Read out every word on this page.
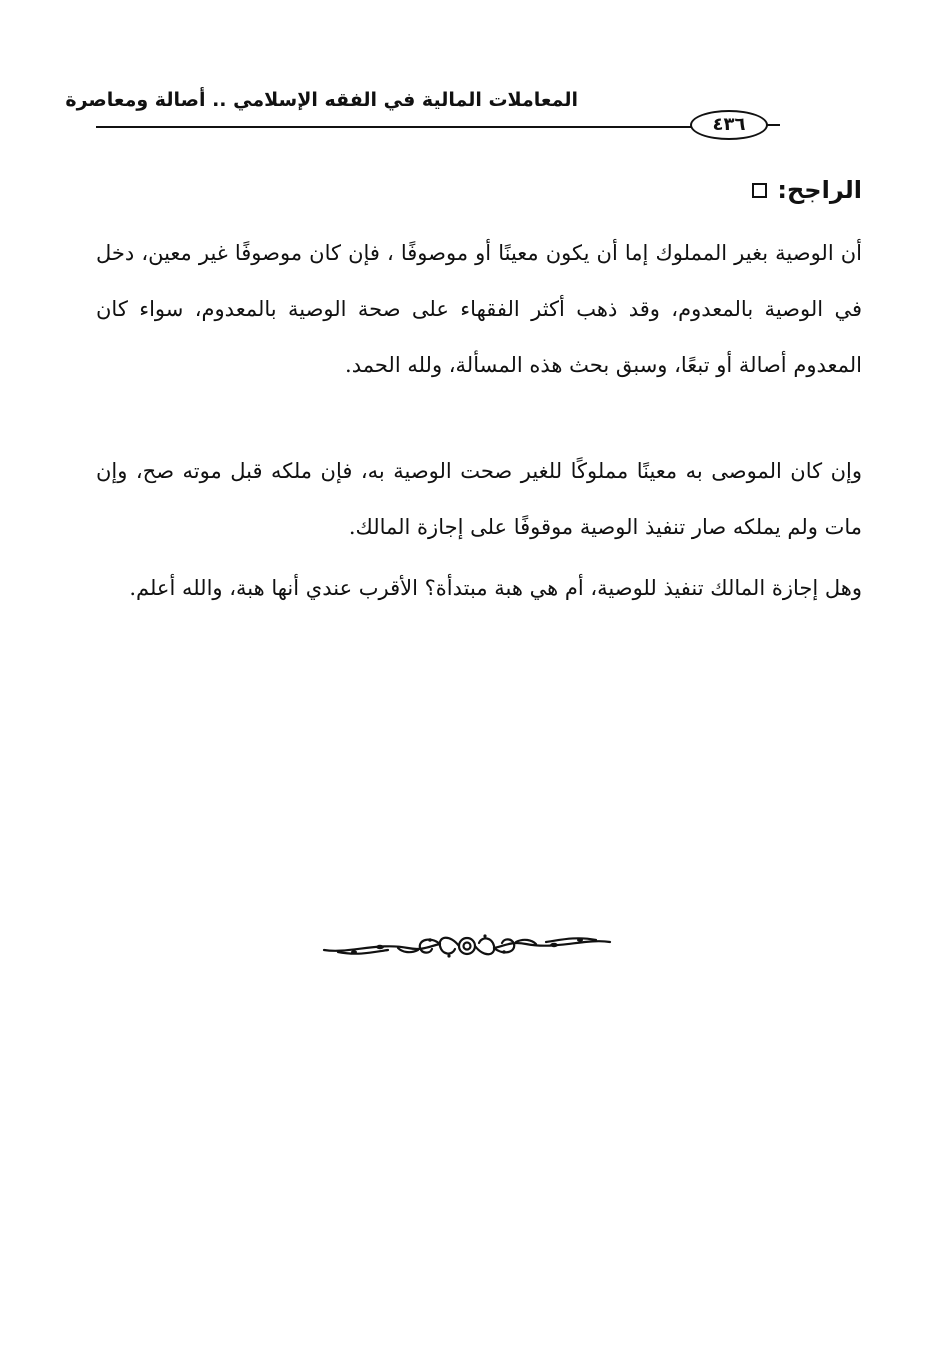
المعاملات المالية في الفقه الإسلامي .. أصالة ومعاصرة
٤٣٦
الراجح:

أن الوصية بغير المملوك إما أن يكون معينًا أو موصوفًا ، فإن كان موصوفًا غير معين، دخل في الوصية بالمعدوم، وقد ذهب أكثر الفقهاء على صحة الوصية بالمعدوم، سواء كان المعدوم أصالة أو تبعًا، وسبق بحث هذه المسألة، ولله الحمد.

وإن كان الموصى به معينًا مملوكًا للغير صحت الوصية به، فإن ملكه قبل موته صح، وإن مات ولم يملكه صار تنفيذ الوصية موقوفًا على إجازة المالك.

وهل إجازة المالك تنفيذ للوصية، أم هي هبة مبتدأة؟ الأقرب عندي أنها هبة، والله أعلم.
